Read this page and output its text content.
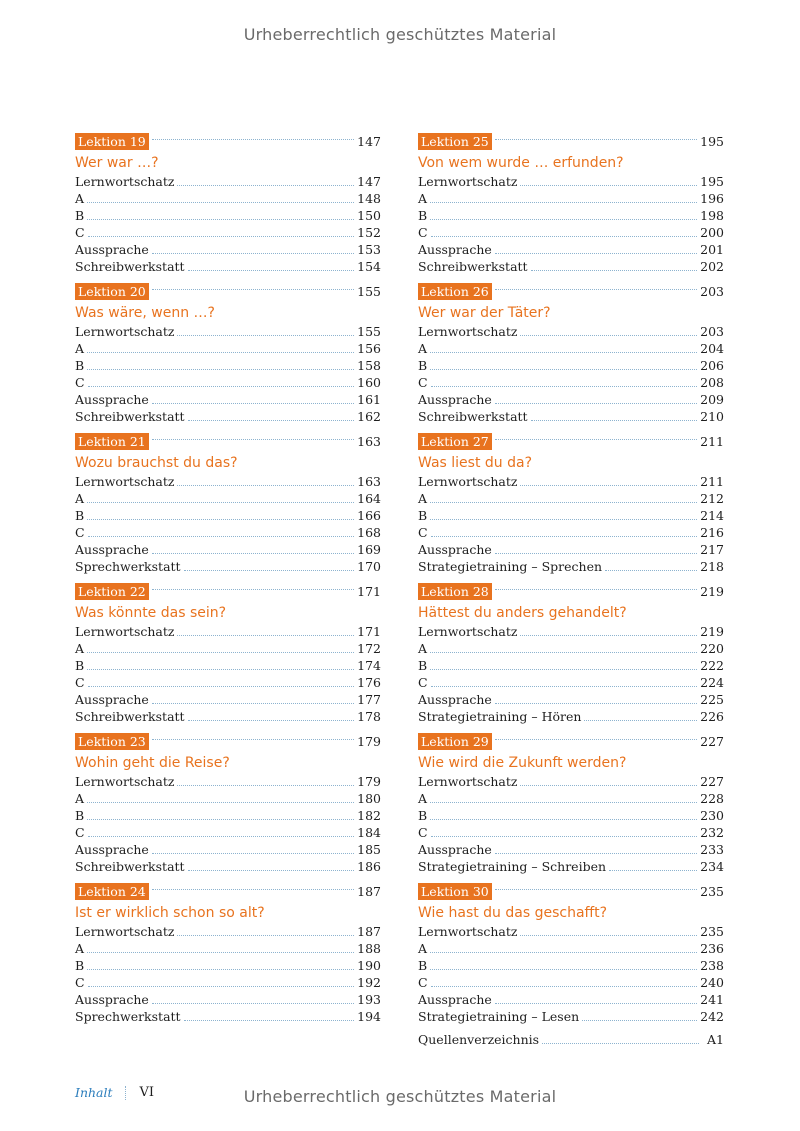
Urheberrechtlich geschütztes Material
Lektion 19	147
Wer war …?
Lernwortschatz	147
A	148
B	150
C	152
Aussprache	153
Schreibwerkstatt	154
Lektion 20	155
Was wäre, wenn …?
Lernwortschatz	155
A	156
B	158
C	160
Aussprache	161
Schreibwerkstatt	162
Lektion 21	163
Wozu brauchst du das?
Lernwortschatz	163
A	164
B	166
C	168
Aussprache	169
Sprechwerkstatt	170
Lektion 22	171
Was könnte das sein?
Lernwortschatz	171
A	172
B	174
C	176
Aussprache	177
Schreibwerkstatt	178
Lektion 23	179
Wohin geht die Reise?
Lernwortschatz	179
A	180
B	182
C	184
Aussprache	185
Schreibwerkstatt	186
Lektion 24	187
Ist er wirklich schon so alt?
Lernwortschatz	187
A	188
B	190
C	192
Aussprache	193
Sprechwerkstatt	194
Lektion 25	195
Von wem wurde … erfunden?
Lernwortschatz	195
A	196
B	198
C	200
Aussprache	201
Schreibwerkstatt	202
Lektion 26	203
Wer war der Täter?
Lernwortschatz	203
A	204
B	206
C	208
Aussprache	209
Schreibwerkstatt	210
Lektion 27	211
Was liest du da?
Lernwortschatz	211
A	212
B	214
C	216
Aussprache	217
Strategietraining – Sprechen	218
Lektion 28	219
Hättest du anders gehandelt?
Lernwortschatz	219
A	220
B	222
C	224
Aussprache	225
Strategietraining – Hören	226
Lektion 29	227
Wie wird die Zukunft werden?
Lernwortschatz	227
A	228
B	230
C	232
Aussprache	233
Strategietraining – Schreiben	234
Lektion 30	235
Wie hast du das geschafft?
Lernwortschatz	235
A	236
B	238
C	240
Aussprache	241
Strategietraining – Lesen	242
Quellenverzeichnis	A1
Inhalt VI	Urheberrechtlich geschütztes Material
